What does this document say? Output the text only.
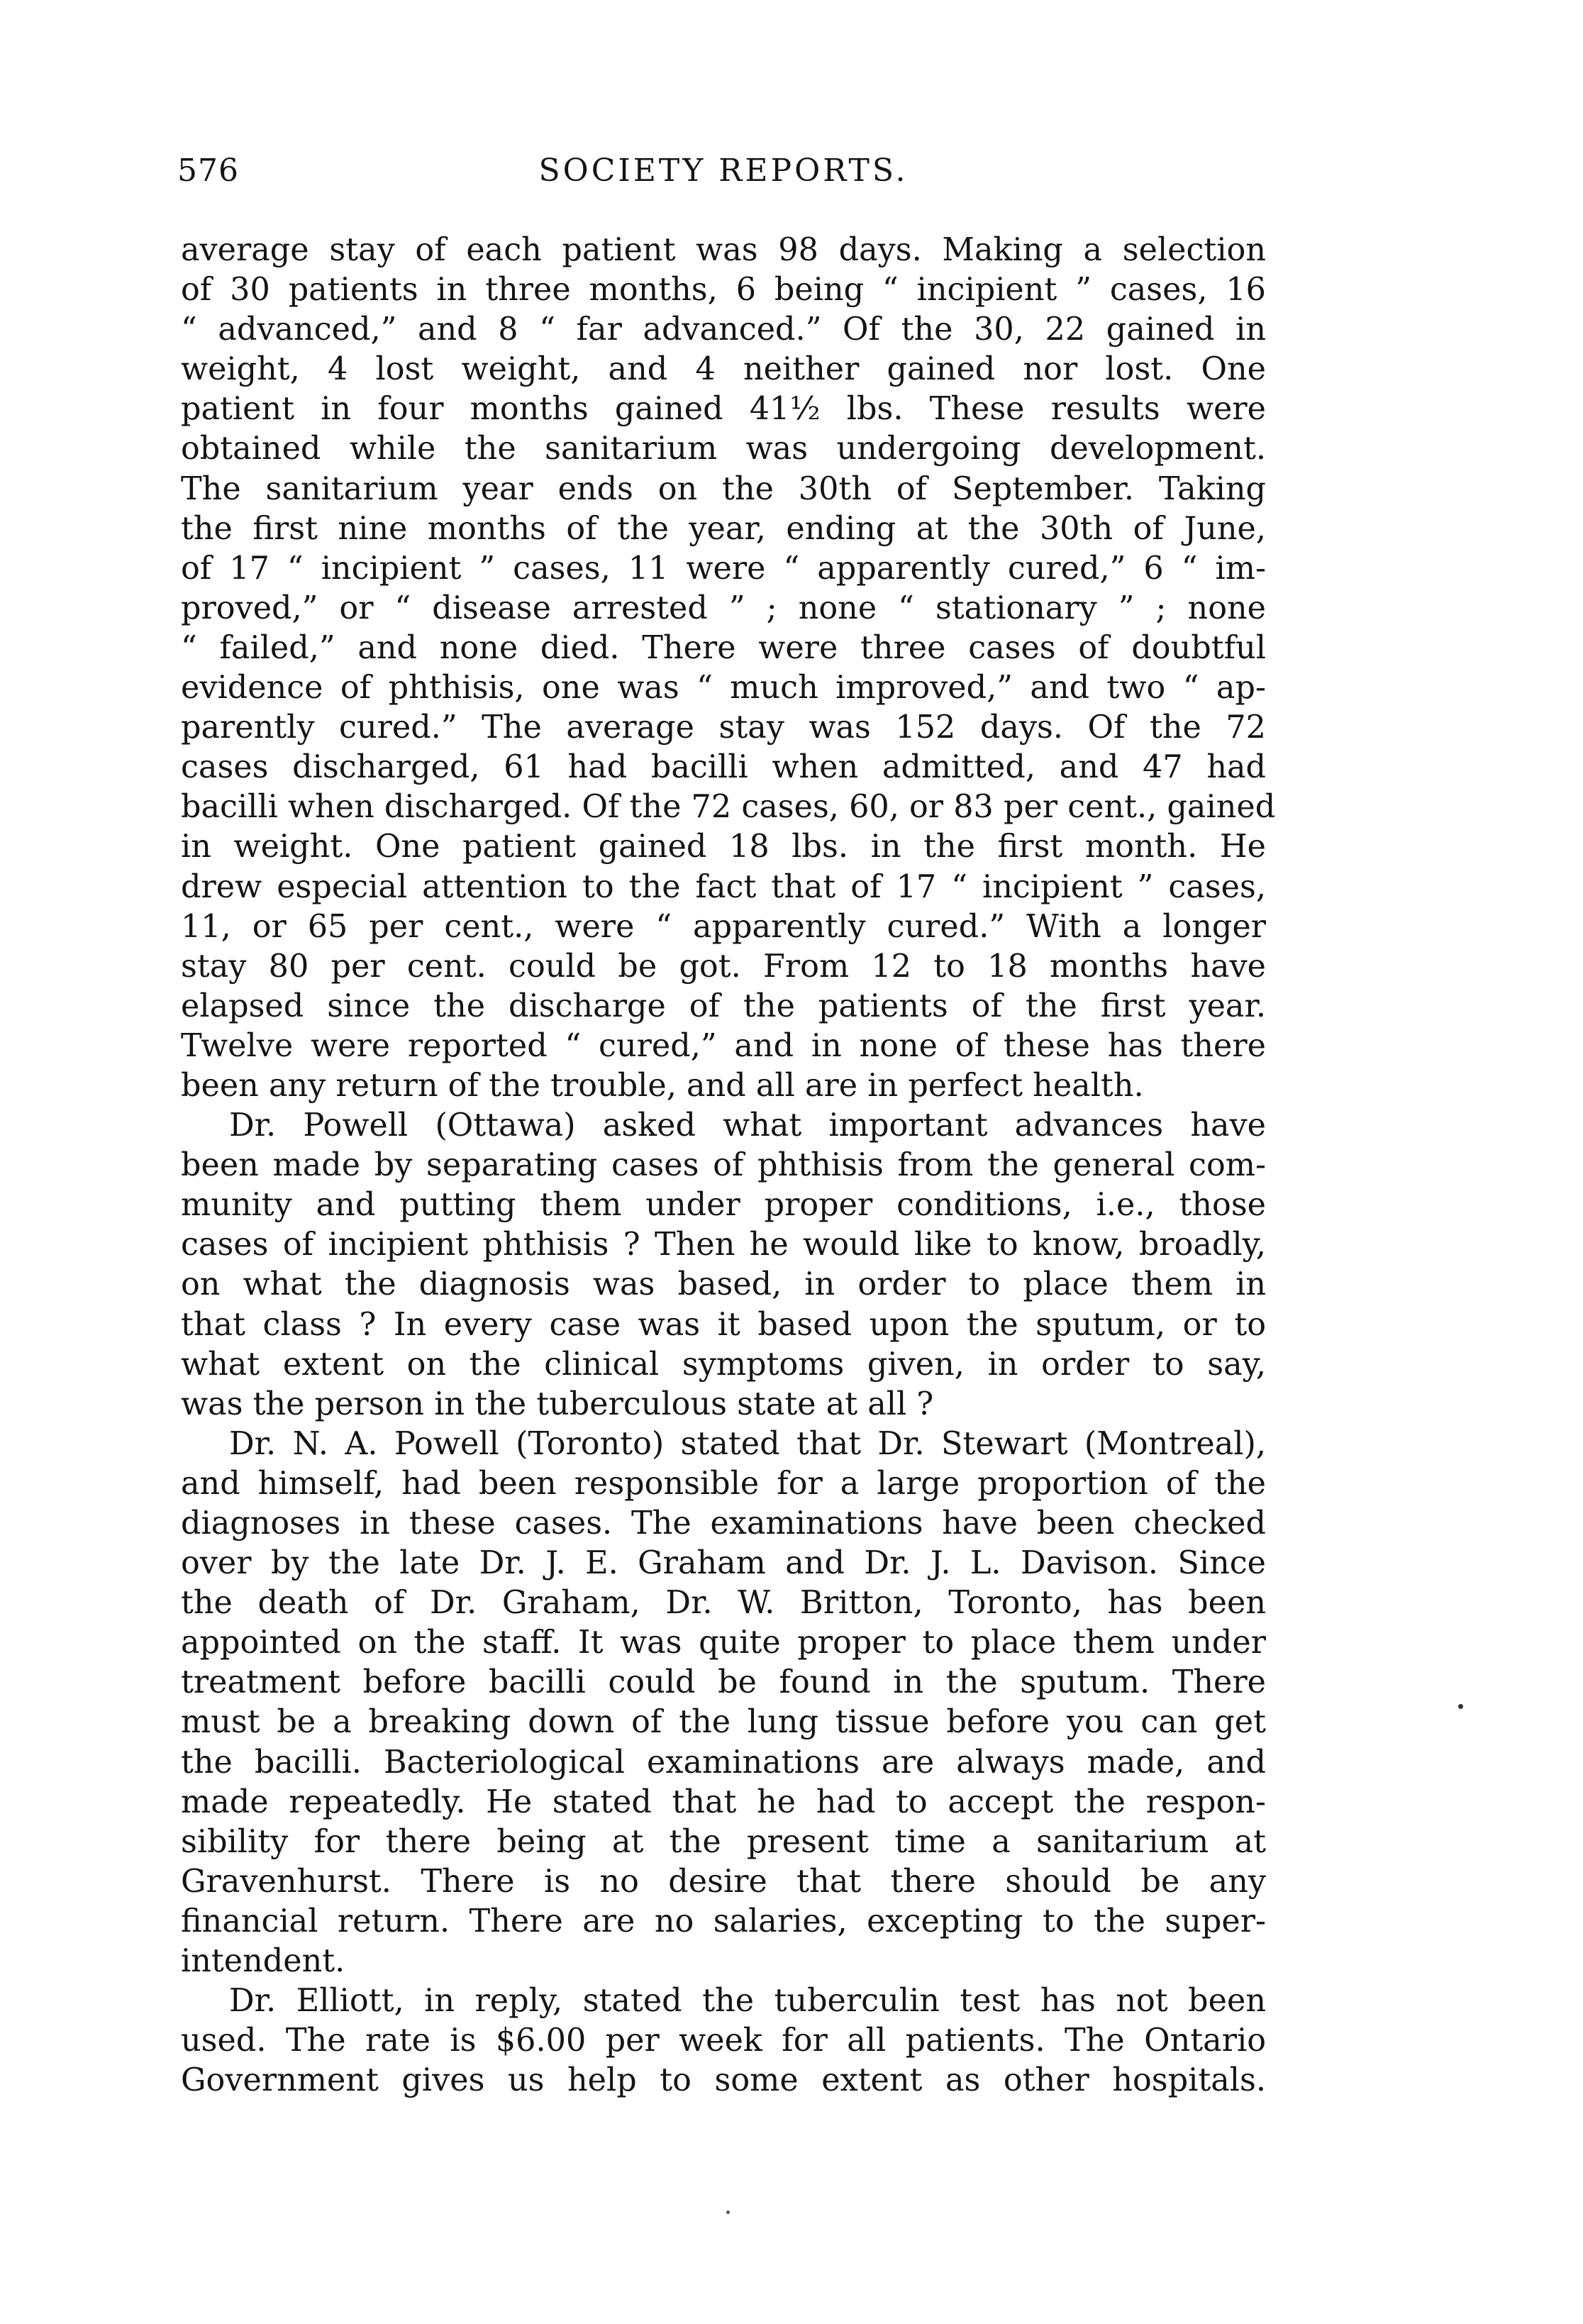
576	SOCIETY REPORTS.
average stay of each patient was 98 days. Making a selection
of 30 patients in three months, 6 being “ incipient ” cases, 16
“ advanced,” and 8 “ far advanced.” Of the 30, 22 gained in
weight, 4 lost weight, and 4 neither gained nor lost. One
patient in four months gained 41½ lbs. These results were
obtained while the sanitarium was undergoing development.
The sanitarium year ends on the 30th of September. Taking
the first nine months of the year, ending at the 30th of June,
of 17 “ incipient ” cases, 11 were “ apparently cured,” 6 “ im-
proved,” or “ disease arrested ” ; none “ stationary ” ; none
“ failed,” and none died. There were three cases of doubtful
evidence of phthisis, one was “ much improved,” and two “ ap-
parently cured.” The average stay was 152 days. Of the 72
cases discharged, 61 had bacilli when admitted, and 47 had
bacilli when discharged. Of the 72 cases, 60, or 83 per cent., gained
in weight. One patient gained 18 lbs. in the first month. He
drew especial attention to the fact that of 17 “ incipient ” cases,
11, or 65 per cent., were “ apparently cured.” With a longer
stay 80 per cent. could be got. From 12 to 18 months have
elapsed since the discharge of the patients of the first year.
Twelve were reported “ cured,” and in none of these has there
been any return of the trouble, and all are in perfect health.
Dr. Powell (Ottawa) asked what important advances have
been made by separating cases of phthisis from the general com-
munity and putting them under proper conditions, i.e., those
cases of incipient phthisis ? Then he would like to know, broadly,
on what the diagnosis was based, in order to place them in
that class ? In every case was it based upon the sputum, or to
what extent on the clinical symptoms given, in order to say,
was the person in the tuberculous state at all ?
Dr. N. A. Powell (Toronto) stated that Dr. Stewart (Montreal),
and himself, had been responsible for a large proportion of the
diagnoses in these cases. The examinations have been checked
over by the late Dr. J. E. Graham and Dr. J. L. Davison. Since
the death of Dr. Graham, Dr. W. Britton, Toronto, has been
appointed on the staff. It was quite proper to place them under
treatment before bacilli could be found in the sputum. There
must be a breaking down of the lung tissue before you can get
the bacilli. Bacteriological examinations are always made, and
made repeatedly. He stated that he had to accept the respon-
sibility for there being at the present time a sanitarium at
Gravenhurst. There is no desire that there should be any
financial return. There are no salaries, excepting to the super-
intendent.
Dr. Elliott, in reply, stated the tuberculin test has not been
used. The rate is $6.00 per week for all patients. The Ontario
Government gives us help to some extent as other hospitals.
